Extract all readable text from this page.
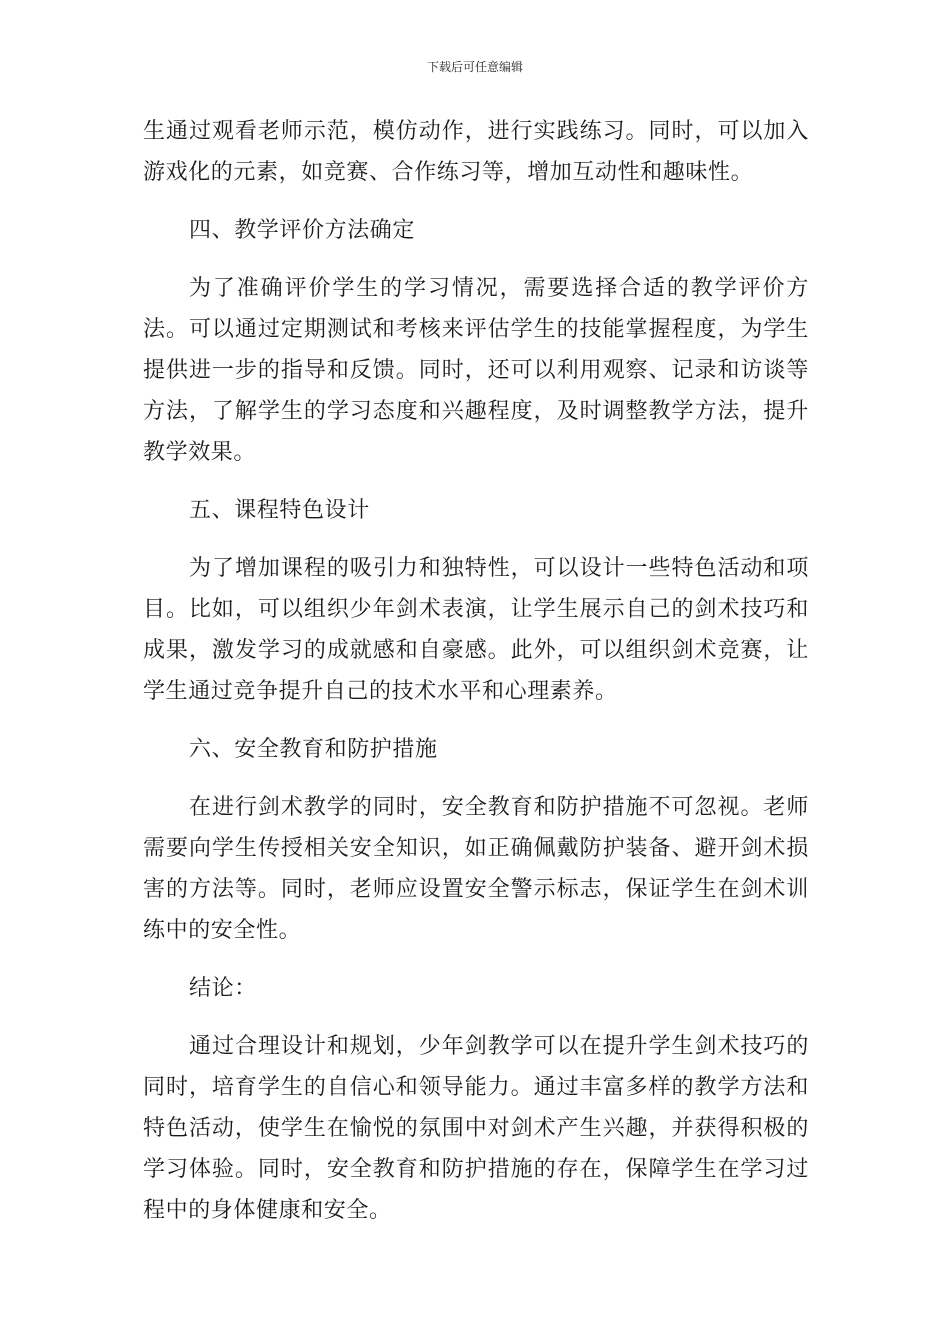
下载后可任意编辑

生通过观看老师示范，模仿动作，进行实践练习。同时，可以加入游戏化的元素，如竞赛、合作练习等，增加互动性和趣味性。

四、教学评价方法确定

为了准确评价学生的学习情况，需要选择合适的教学评价方法。可以通过定期测试和考核来评估学生的技能掌握程度，为学生提供进一步的指导和反馈。同时，还可以利用观察、记录和访谈等方法，了解学生的学习态度和兴趣程度，及时调整教学方法，提升教学效果。

五、课程特色设计

为了增加课程的吸引力和独特性，可以设计一些特色活动和项目。比如，可以组织少年剑术表演，让学生展示自己的剑术技巧和成果，激发学习的成就感和自豪感。此外，可以组织剑术竞赛，让学生通过竞争提升自己的技术水平和心理素养。

六、安全教育和防护措施

在进行剑术教学的同时，安全教育和防护措施不可忽视。老师需要向学生传授相关安全知识，如正确佩戴防护装备、避开剑术损害的方法等。同时，老师应设置安全警示标志，保证学生在剑术训练中的安全性。

结论：

通过合理设计和规划，少年剑教学可以在提升学生剑术技巧的同时，培育学生的自信心和领导能力。通过丰富多样的教学方法和特色活动，使学生在愉悦的氛围中对剑术产生兴趣，并获得积极的学习体验。同时，安全教育和防护措施的存在，保障学生在学习过程中的身体健康和安全。
